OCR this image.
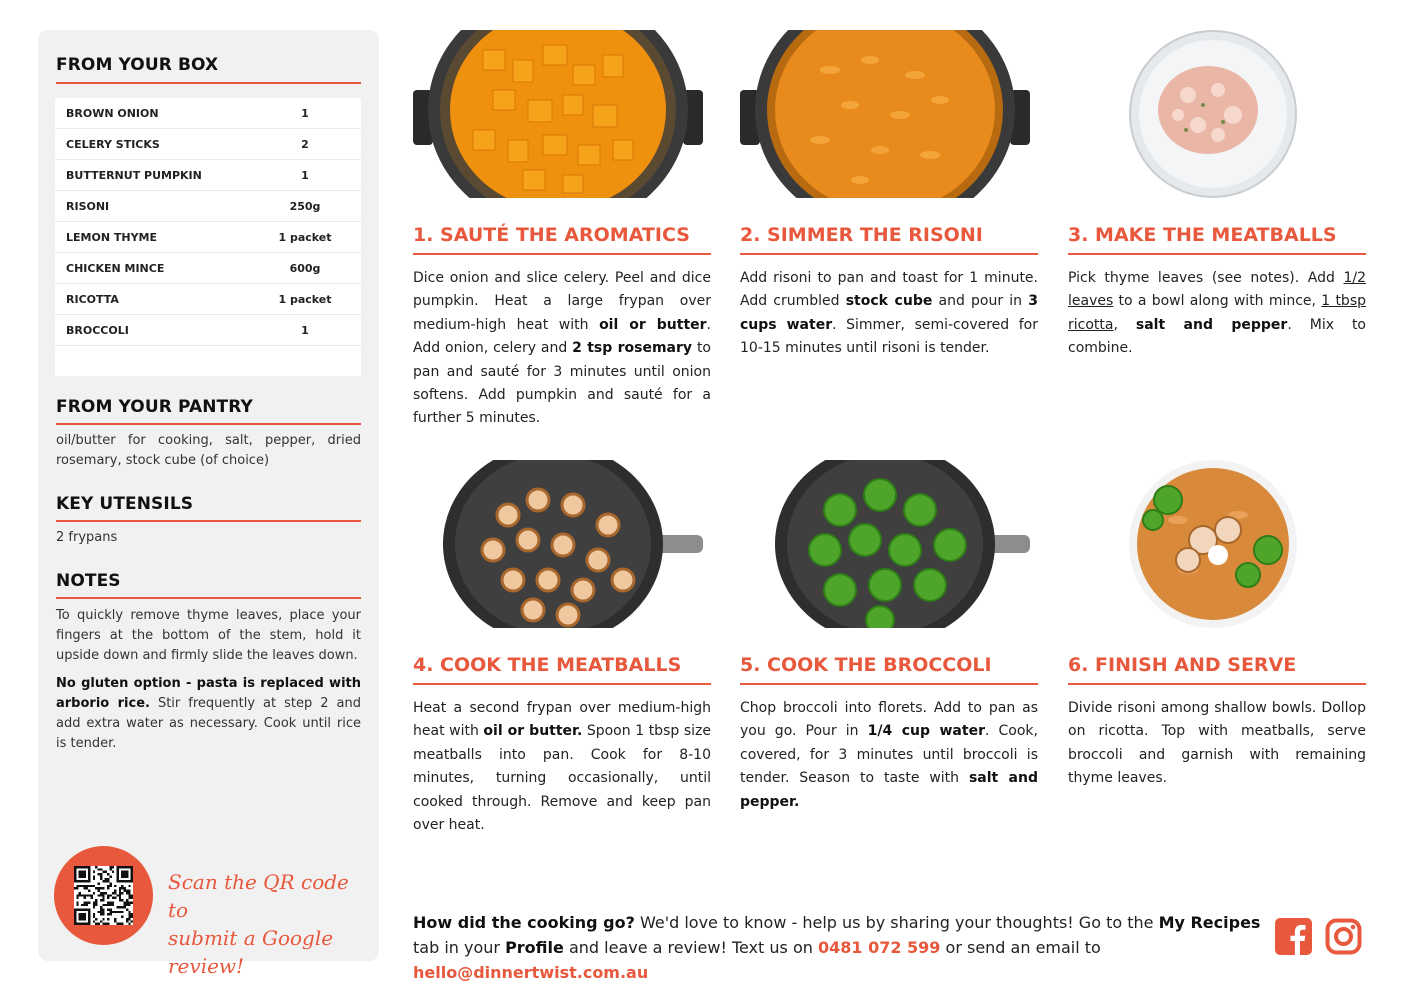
FROM YOUR BOX
BROWN ONION	1
CELERY STICKS	2
BUTTERNUT PUMPKIN	1
RISONI	250g
LEMON THYME	1 packet
CHICKEN MINCE	600g
RICOTTA	1 packet
BROCCOLI	1
FROM YOUR PANTRY
oil/butter for cooking, salt, pepper, dried rosemary, stock cube (of choice)
KEY UTENSILS
2 frypans
NOTES
To quickly remove thyme leaves, place your fingers at the bottom of the stem, hold it upside down and firmly slide the leaves down.
No gluten option - pasta is replaced with arborio rice. Stir frequently at step 2 and add extra water as necessary. Cook until rice is tender.
Scan the QR code to
submit a Google review!
1. SAUTÉ THE AROMATICS
Dice onion and slice celery. Peel and dice pumpkin. Heat a large frypan over medium-high heat with oil or butter. Add onion, celery and 2 tsp rosemary to pan and sauté for 3 minutes until onion softens. Add pumpkin and sauté for a further 5 minutes.
2. SIMMER THE RISONI
Add risoni to pan and toast for 1 minute. Add crumbled stock cube and pour in 3 cups water. Simmer, semi-covered for 10-15 minutes until risoni is tender.
3. MAKE THE MEATBALLS
Pick thyme leaves (see notes). Add 1/2 leaves to a bowl along with mince, 1 tbsp ricotta, salt and pepper. Mix to combine.
4. COOK THE MEATBALLS
Heat a second frypan over medium-high heat with oil or butter. Spoon 1 tbsp size meatballs into pan. Cook for 8-10 minutes, turning occasionally, until cooked through. Remove and keep pan over heat.
5. COOK THE BROCCOLI
Chop broccoli into florets. Add to pan as you go. Pour in 1/4 cup water. Cook, covered, for 3 minutes until broccoli is tender. Season to taste with salt and pepper.
6. FINISH AND SERVE
Divide risoni among shallow bowls. Dollop on ricotta. Top with meatballs, serve broccoli and garnish with remaining thyme leaves.
How did the cooking go? We'd love to know - help us by sharing your thoughts! Go to the My Recipes tab in your Profile and leave a review! Text us on 0481 072 599 or send an email to hello@dinnertwist.com.au
